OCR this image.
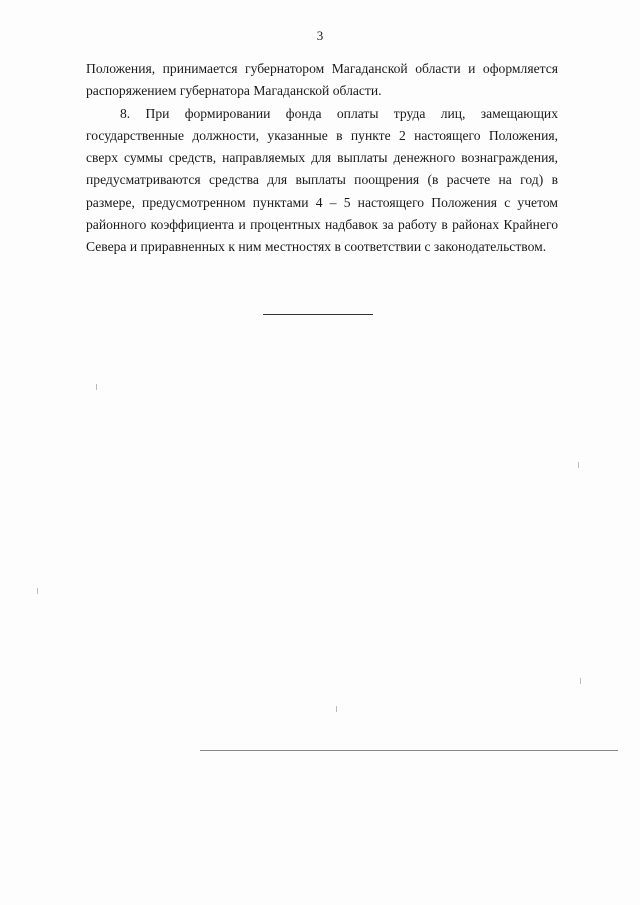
3

Положения, принимается губернатором Магаданской области и оформляется распоряжением губернатора Магаданской области.

8. При формировании фонда оплаты труда лиц, замещающих государственные должности, указанные в пункте 2 настоящего Положения, сверх суммы средств, направляемых для выплаты денежного вознаграждения, предусматриваются средства для выплаты поощрения (в расчете на год) в размере, предусмотренном пунктами 4 – 5 настоящего Положения с учетом районного коэффициента и процентных надбавок за работу в районах Крайнего Севера и приравненных к ним местностях в соответствии с законодательством.
